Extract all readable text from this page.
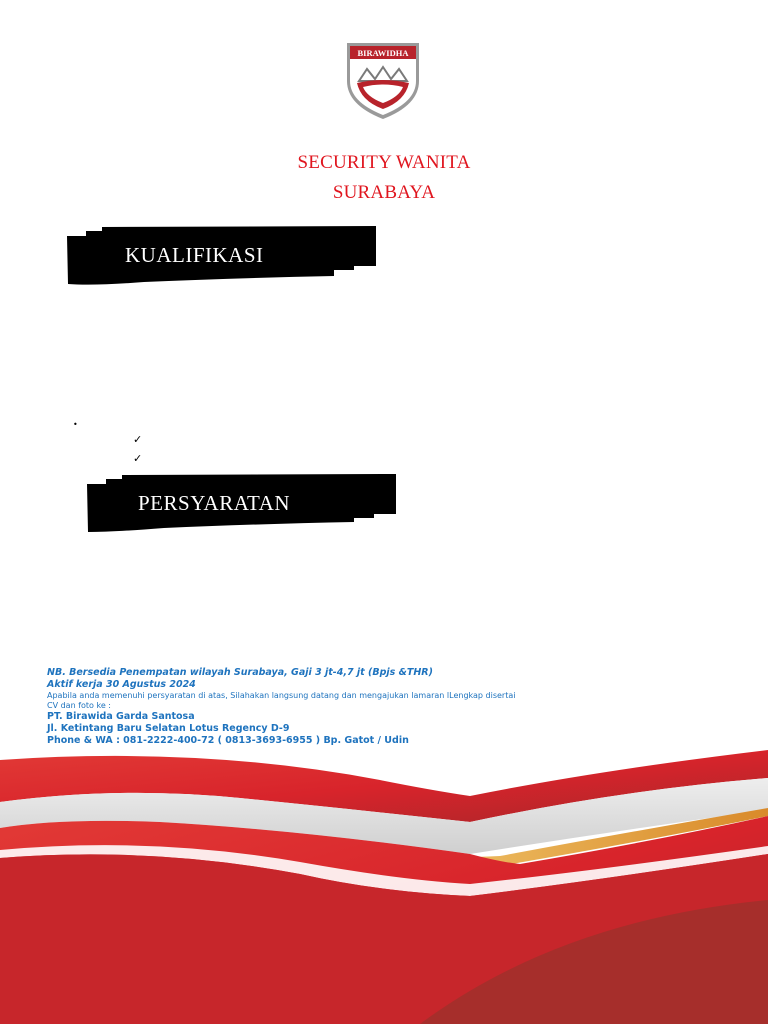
BIRAWIDHA
SECURITY WANITA
SURABAYA
KUALIFIKASI
•
✓
✓
PERSYARATAN
NB. Bersedia Penempatan wilayah Surabaya, Gaji 3 jt-4,7 jt (Bpjs &THR)
Aktif kerja 30 Agustus 2024
Apabila anda memenuhi persyaratan di atas, Silahakan langsung datang dan mengajukan lamaran lLengkap disertai
CV dan foto ke :
PT. Birawida Garda Santosa
Jl. Ketintang Baru Selatan Lotus Regency D-9
Phone & WA : 081-2222-400-72 ( 0813-3693-6955 ) Bp. Gatot / Udin
